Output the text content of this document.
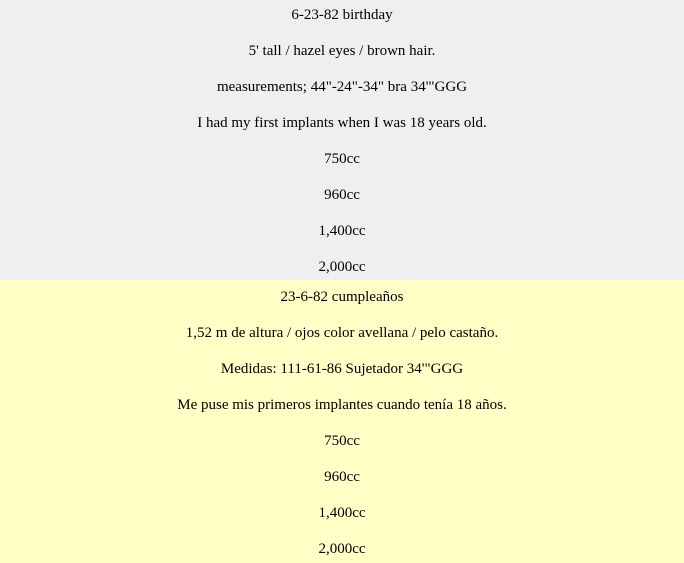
6-23-82 birthday
5' tall / hazel eyes / brown hair.
measurements; 44"-24"-34" bra 34'"GGG
I had my first implants when I was 18 years old.
750cc
960cc
1,400cc
2,000cc
23-6-82 cumpleaños
1,52 m de altura / ojos color avellana / pelo castaño.
Medidas: 111-61-86 Sujetador 34'"GGG
Me puse mis primeros implantes cuando tenía 18 años.
750cc
960cc
1,400cc
2,000cc
